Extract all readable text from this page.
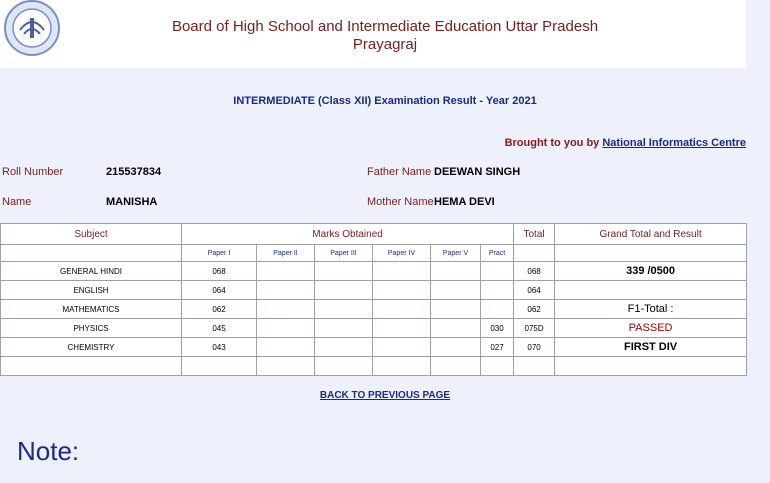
Board of High School and Intermediate Education Uttar Pradesh
Prayagraj
INTERMEDIATE (Class XII) Examination Result - Year 2021
Brought to you by National Informatics Centre
Roll Number	215537834	Father Name DEEWAN SINGH
Name	MANISHA	Mother Name HEMA DEVI
Subject	Marks Obtained						Total	Grand Total and Result
	Paper I	Paper II	Paper III	Paper IV	Paper V	Pract		
GENERAL HINDI	068						068	339 /0500
ENGLISH	064						064	
MATHEMATICS	062						062	F1-Total :
PHYSICS	045					030	075D	PASSED
CHEMISTRY	043					027	070	FIRST DIV

BACK TO PREVIOUS PAGE
Note:
